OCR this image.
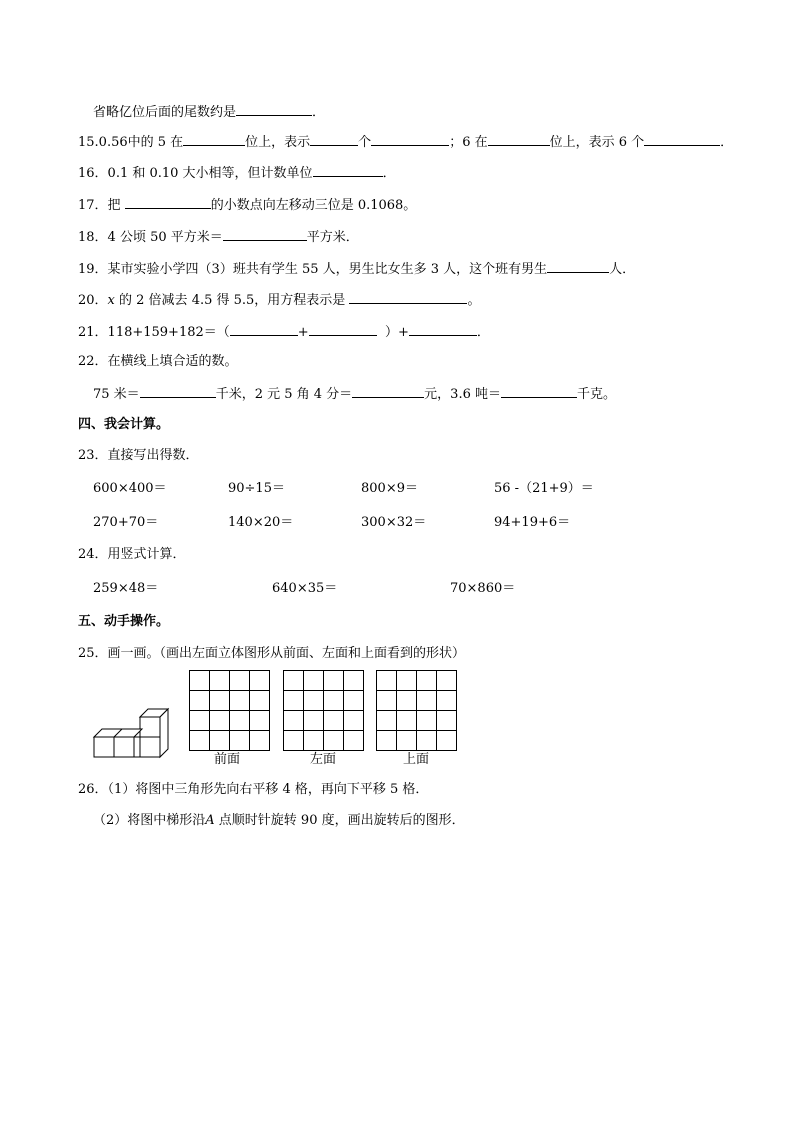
省略亿位后面的尾数约是	．
15.0.56中的 5 在	位上，表示	个	；6 在	位上，表示 6 个	．
16．0.1 和 0.10 大小相等，但计数单位	．
17．把	的小数点向左移动三位是 0.1068。
18．4 公顷 50 平方米＝	平方米．
19．某市实验小学四（3）班共有学生 55 人，男生比女生多 3 人，这个班有男生	人．
20．x 的 2 倍减去 4.5 得 5.5，用方程表示是	。
21．118+159+182＝（	+	）+	．
22．在横线上填合适的数。
75 米＝	千米，2 元 5 角 4 分＝	元，3.6 吨＝	千克。
四、我会计算。
23．直接写出得数．
600×400＝	90÷15＝	800×9＝	56 -（21+9）＝
270+70＝	140×20＝	300×32＝	94+19+6＝
24．用竖式计算．
259×48＝	640×35＝	70×860＝
五、动手操作。
25．画一画。（画出左面立体图形从前面、左面和上面看到的形状）
前面	左面	上面
26．（1）将图中三角形先向右平移 4 格，再向下平移 5 格．
（2）将图中梯形沿A 点顺时针旋转 90 度，画出旋转后的图形．
